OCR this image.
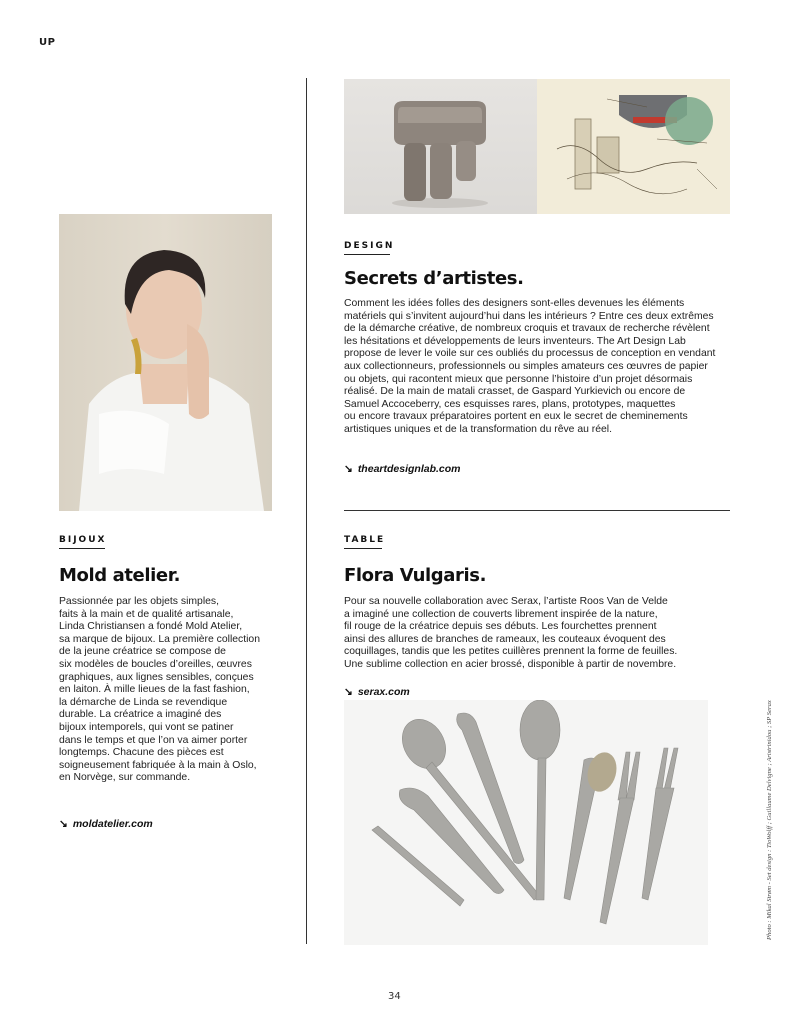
UP
DESIGN
Secrets d’artistes.
Comment les idées folles des designers sont-elles devenues les éléments
matériels qui s’invitent aujourd’hui dans les intérieurs ? Entre ces deux extrêmes
de la démarche créative, de nombreux croquis et travaux de recherche révèlent
les hésitations et développements de leurs inventeurs. The Art Design Lab
propose de lever le voile sur ces oubliés du processus de conception en vendant
aux collectionneurs, professionnels ou simples amateurs ces œuvres de papier
ou objets, qui racontent mieux que personne l’histoire d’un projet désormais
réalisé. De la main de matali crasset, de Gaspard Yurkievich ou encore de
Samuel Accoceberry, ces esquisses rares, plans, prototypes, maquettes
ou encore travaux préparatoires portent en eux le secret de cheminements
artistiques uniques et de la transformation du rêve au réel.
↘ theartdesignlab.com
BIJOUX
Mold atelier.
Passionnée par les objets simples,
faits à la main et de qualité artisanale,
Linda Christiansen a fondé Mold Atelier,
sa marque de bijoux. La première collection
de la jeune créatrice se compose de
six modèles de boucles d’oreilles, œuvres
graphiques, aux lignes sensibles, conçues
en laiton. À mille lieues de la fast fashion,
la démarche de Linda se revendique
durable. La créatrice a imaginé des
bijoux intemporels, qui vont se patiner
dans le temps et que l’on va aimer porter
longtemps. Chacune des pièces est
soigneusement fabriquée à la main à Oslo,
en Norvège, sur commande.
↘ moldatelier.com
TABLE
Flora Vulgaris.
Pour sa nouvelle collaboration avec Serax, l’artiste Roos Van de Velde
a imaginé une collection de couverts librement inspirée de la nature,
fil rouge de la créatrice depuis ses débuts. Les fourchettes prennent
ainsi des allures de branches de rameaux, les couteaux évoquent des
coquillages, tandis que les petites cuillères prennent la forme de feuilles.
Une sublime collection en acier brossé, disponible à partir de novembre.
↘ serax.com
Photo : Mikal Strøm - Set design : TioWolff ; Guillaume Delvigne ; Aristrinidou ; SP Serax
34
